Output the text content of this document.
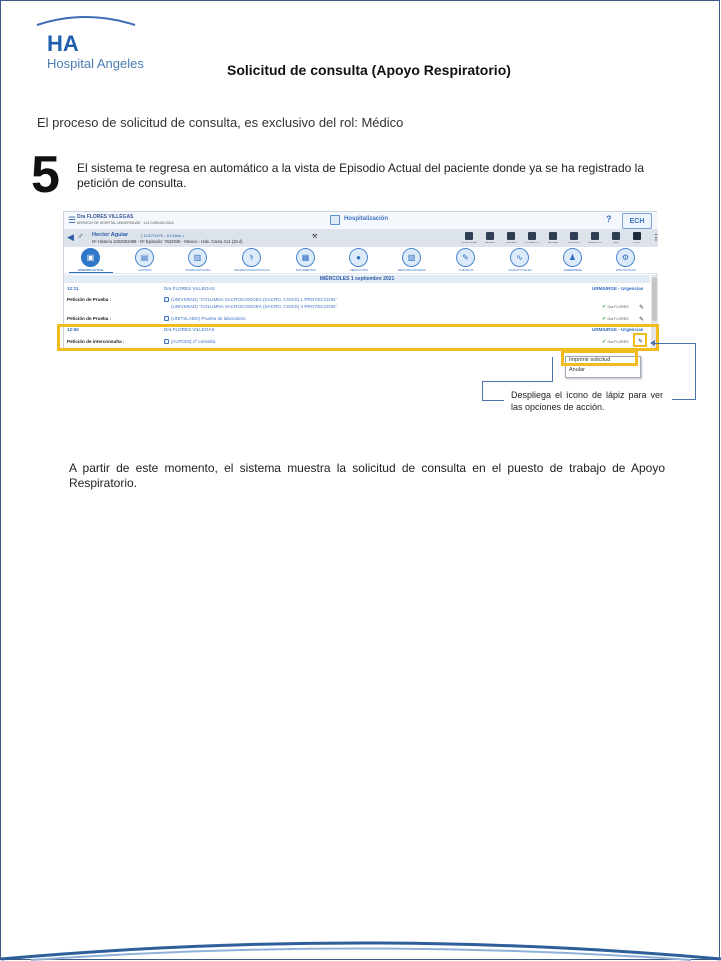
HA
Hospital Angeles	Solicitud de consulta (Apoyo Respiratorio)
El proceso de solicitud de consulta, es exclusivo del rol: Médico
5 El sistema te regresa en automático a la vista de Episodio Actual del paciente donde ya se ha registrado la petición de consulta.
☰ Dra FLORES VILLEGAS
SERVICIO DE HOSPITAL UNIVERSIDAD · 1-M CARDIOLOGIA
Hospitalización	?	ECH
◀ ♂ Hector Aguiar	( 11/07/1970 - 51 Años )
Nº Historia 1002691998 - Nº Episodio: 7622935 - México - Hab. Cama 214 (33 d)
⚒
ESTADO FICHA	PACIENTE	INFORMES	DOCUMENTOS	ALERGIAS	EPISODIOS	DIAGNÓSTICO	ALTA	FILTRO
⋮
▣
EPISODIO ACTUAL
▤
HISTORIA
▥
INTERCONSULTAS
⚕
PRUEBAS DIAGNÓSTICAS
▦
DOCUMENTOS
●
MEDICACIÓN
▧
REGISTRO DIVERSO
✎
CUIDADOS
∿
SIGNOS VITALES
♟
ENFERMERÍA
⚙
PROTOCOLOS
MIÉRCOLES 1 septiembre 2021
12:11	Dra FLORES VILLEGAS	URMIURGE - Urgencias
Petición de Prueba :	(UNIVSRAD) "COLUMNA SACROCOXIGEA (SACRO, COXIS) 1 PROYECCION"
(UNIVSRAD) "COLUMNA SACROCOXIGEA (SACRO, COXIS) 4 PROYECCION"	✔ Dra FLORES ✎
Petición de Prueba :	(UNITSLABO) Prueba de laboratorio	✔ Dra FLORES ✎
12:56	Dra FLORES VILLEGAS	URMIURGE - Urgencias
Petición de interconsulta :	[AUTO02] 1ª consulta	✔ Dra FLORES ✎
Imprimir solicitud
Anular
Despliega el ícono de lápiz para ver las opciones de acción.
A partir de este momento, el sistema muestra la solicitud de consulta en el puesto de trabajo de Apoyo Respiratorio.
